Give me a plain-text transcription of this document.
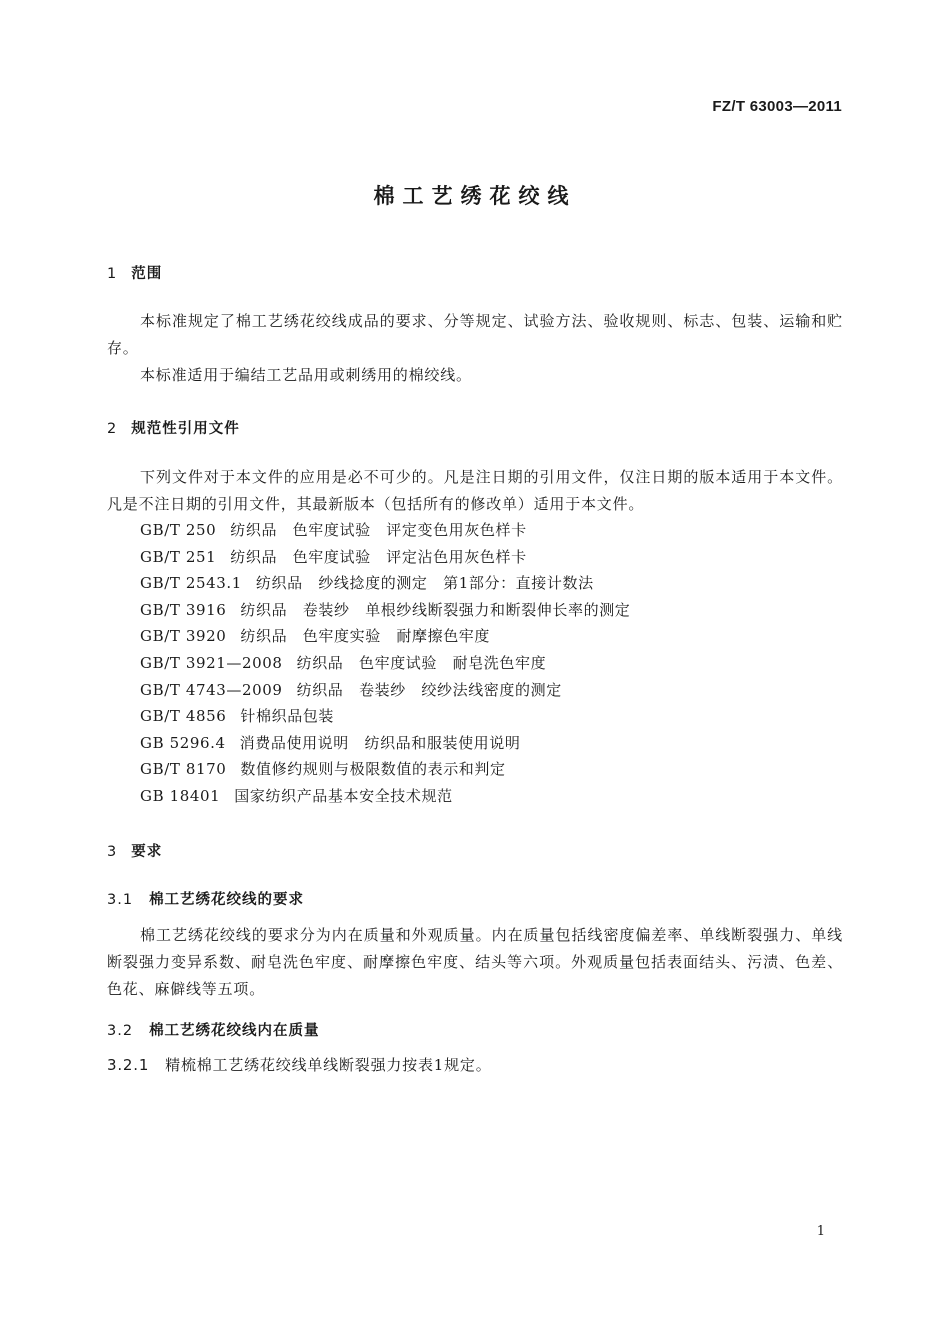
FZ/T 63003—2011
棉工艺绣花绞线
1 范围
本标准规定了棉工艺绣花绞线成品的要求、分等规定、试验方法、验收规则、标志、包装、运输和贮存。
本标准适用于编结工艺品用或刺绣用的棉绞线。
2 规范性引用文件
下列文件对于本文件的应用是必不可少的。凡是注日期的引用文件，仅注日期的版本适用于本文件。凡是不注日期的引用文件，其最新版本（包括所有的修改单）适用于本文件。
GB/T 250 纺织品　色牢度试验　评定变色用灰色样卡
GB/T 251 纺织品　色牢度试验　评定沾色用灰色样卡
GB/T 2543.1 纺织品　纱线捻度的测定　第1部分：直接计数法
GB/T 3916 纺织品　卷装纱　单根纱线断裂强力和断裂伸长率的测定
GB/T 3920 纺织品　色牢度实验　耐摩擦色牢度
GB/T 3921—2008 纺织品　色牢度试验　耐皂洗色牢度
GB/T 4743—2009 纺织品　卷装纱　绞纱法线密度的测定
GB/T 4856 针棉织品包装
GB 5296.4 消费品使用说明　纺织品和服装使用说明
GB/T 8170 数值修约规则与极限数值的表示和判定
GB 18401 国家纺织产品基本安全技术规范
3 要求
3.1 棉工艺绣花绞线的要求
棉工艺绣花绞线的要求分为内在质量和外观质量。内在质量包括线密度偏差率、单线断裂强力、单线断裂强力变异系数、耐皂洗色牢度、耐摩擦色牢度、结头等六项。外观质量包括表面结头、污渍、色差、色花、麻僻线等五项。
3.2 棉工艺绣花绞线内在质量
3.2.1 精梳棉工艺绣花绞线单线断裂强力按表1规定。
1
